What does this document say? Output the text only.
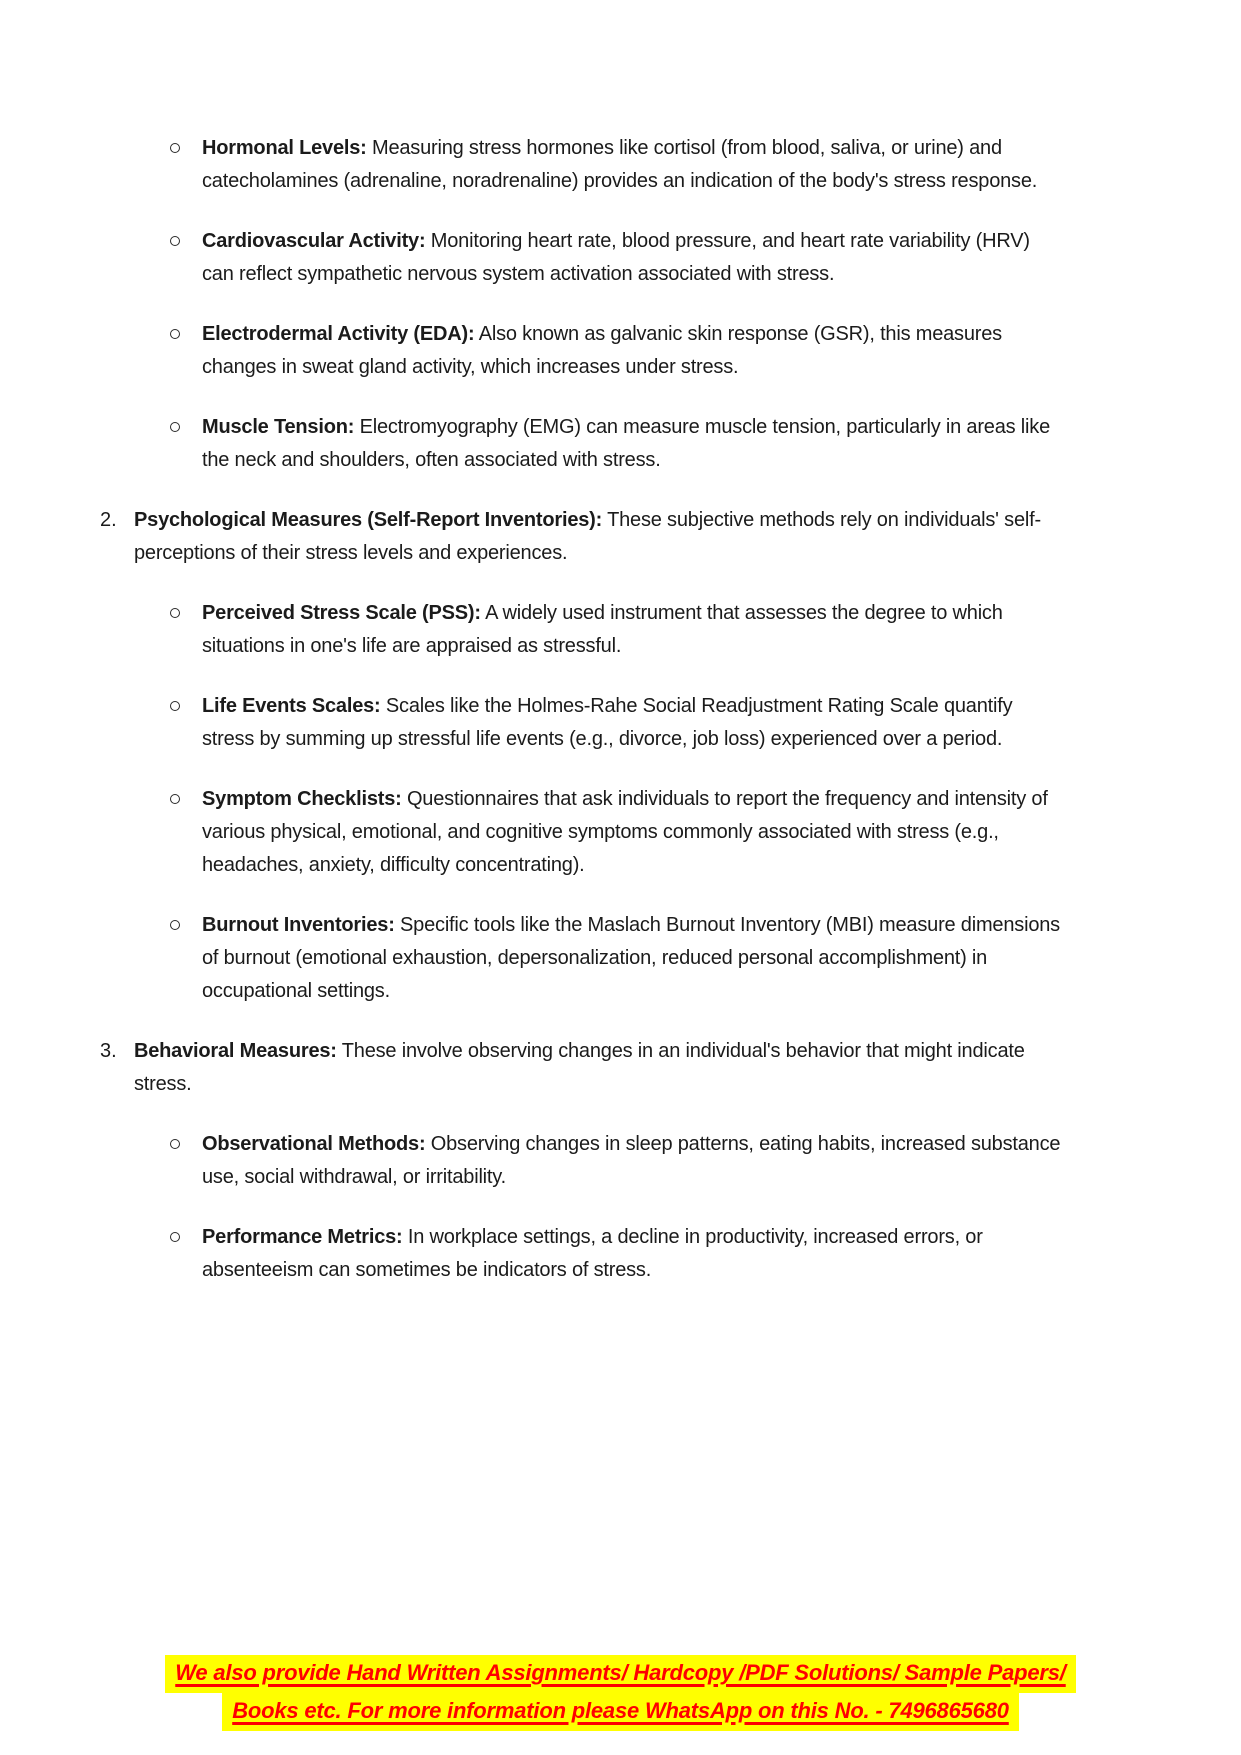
Hormonal Levels: Measuring stress hormones like cortisol (from blood, saliva, or urine) and catecholamines (adrenaline, noradrenaline) provides an indication of the body's stress response.

Cardiovascular Activity: Monitoring heart rate, blood pressure, and heart rate variability (HRV) can reflect sympathetic nervous system activation associated with stress.

Electrodermal Activity (EDA): Also known as galvanic skin response (GSR), this measures changes in sweat gland activity, which increases under stress.

Muscle Tension: Electromyography (EMG) can measure muscle tension, particularly in areas like the neck and shoulders, often associated with stress.

2. Psychological Measures (Self-Report Inventories): These subjective methods rely on individuals' self-perceptions of their stress levels and experiences.

Perceived Stress Scale (PSS): A widely used instrument that assesses the degree to which situations in one's life are appraised as stressful.

Life Events Scales: Scales like the Holmes-Rahe Social Readjustment Rating Scale quantify stress by summing up stressful life events (e.g., divorce, job loss) experienced over a period.

Symptom Checklists: Questionnaires that ask individuals to report the frequency and intensity of various physical, emotional, and cognitive symptoms commonly associated with stress (e.g., headaches, anxiety, difficulty concentrating).

Burnout Inventories: Specific tools like the Maslach Burnout Inventory (MBI) measure dimensions of burnout (emotional exhaustion, depersonalization, reduced personal accomplishment) in occupational settings.

3. Behavioral Measures: These involve observing changes in an individual's behavior that might indicate stress.

Observational Methods: Observing changes in sleep patterns, eating habits, increased substance use, social withdrawal, or irritability.

Performance Metrics: In workplace settings, a decline in productivity, increased errors, or absenteeism can sometimes be indicators of stress.

We also provide Hand Written Assignments/ Hardcopy /PDF Solutions/ Sample Papers/
Books etc. For more information please WhatsApp on this No. - 7496865680
